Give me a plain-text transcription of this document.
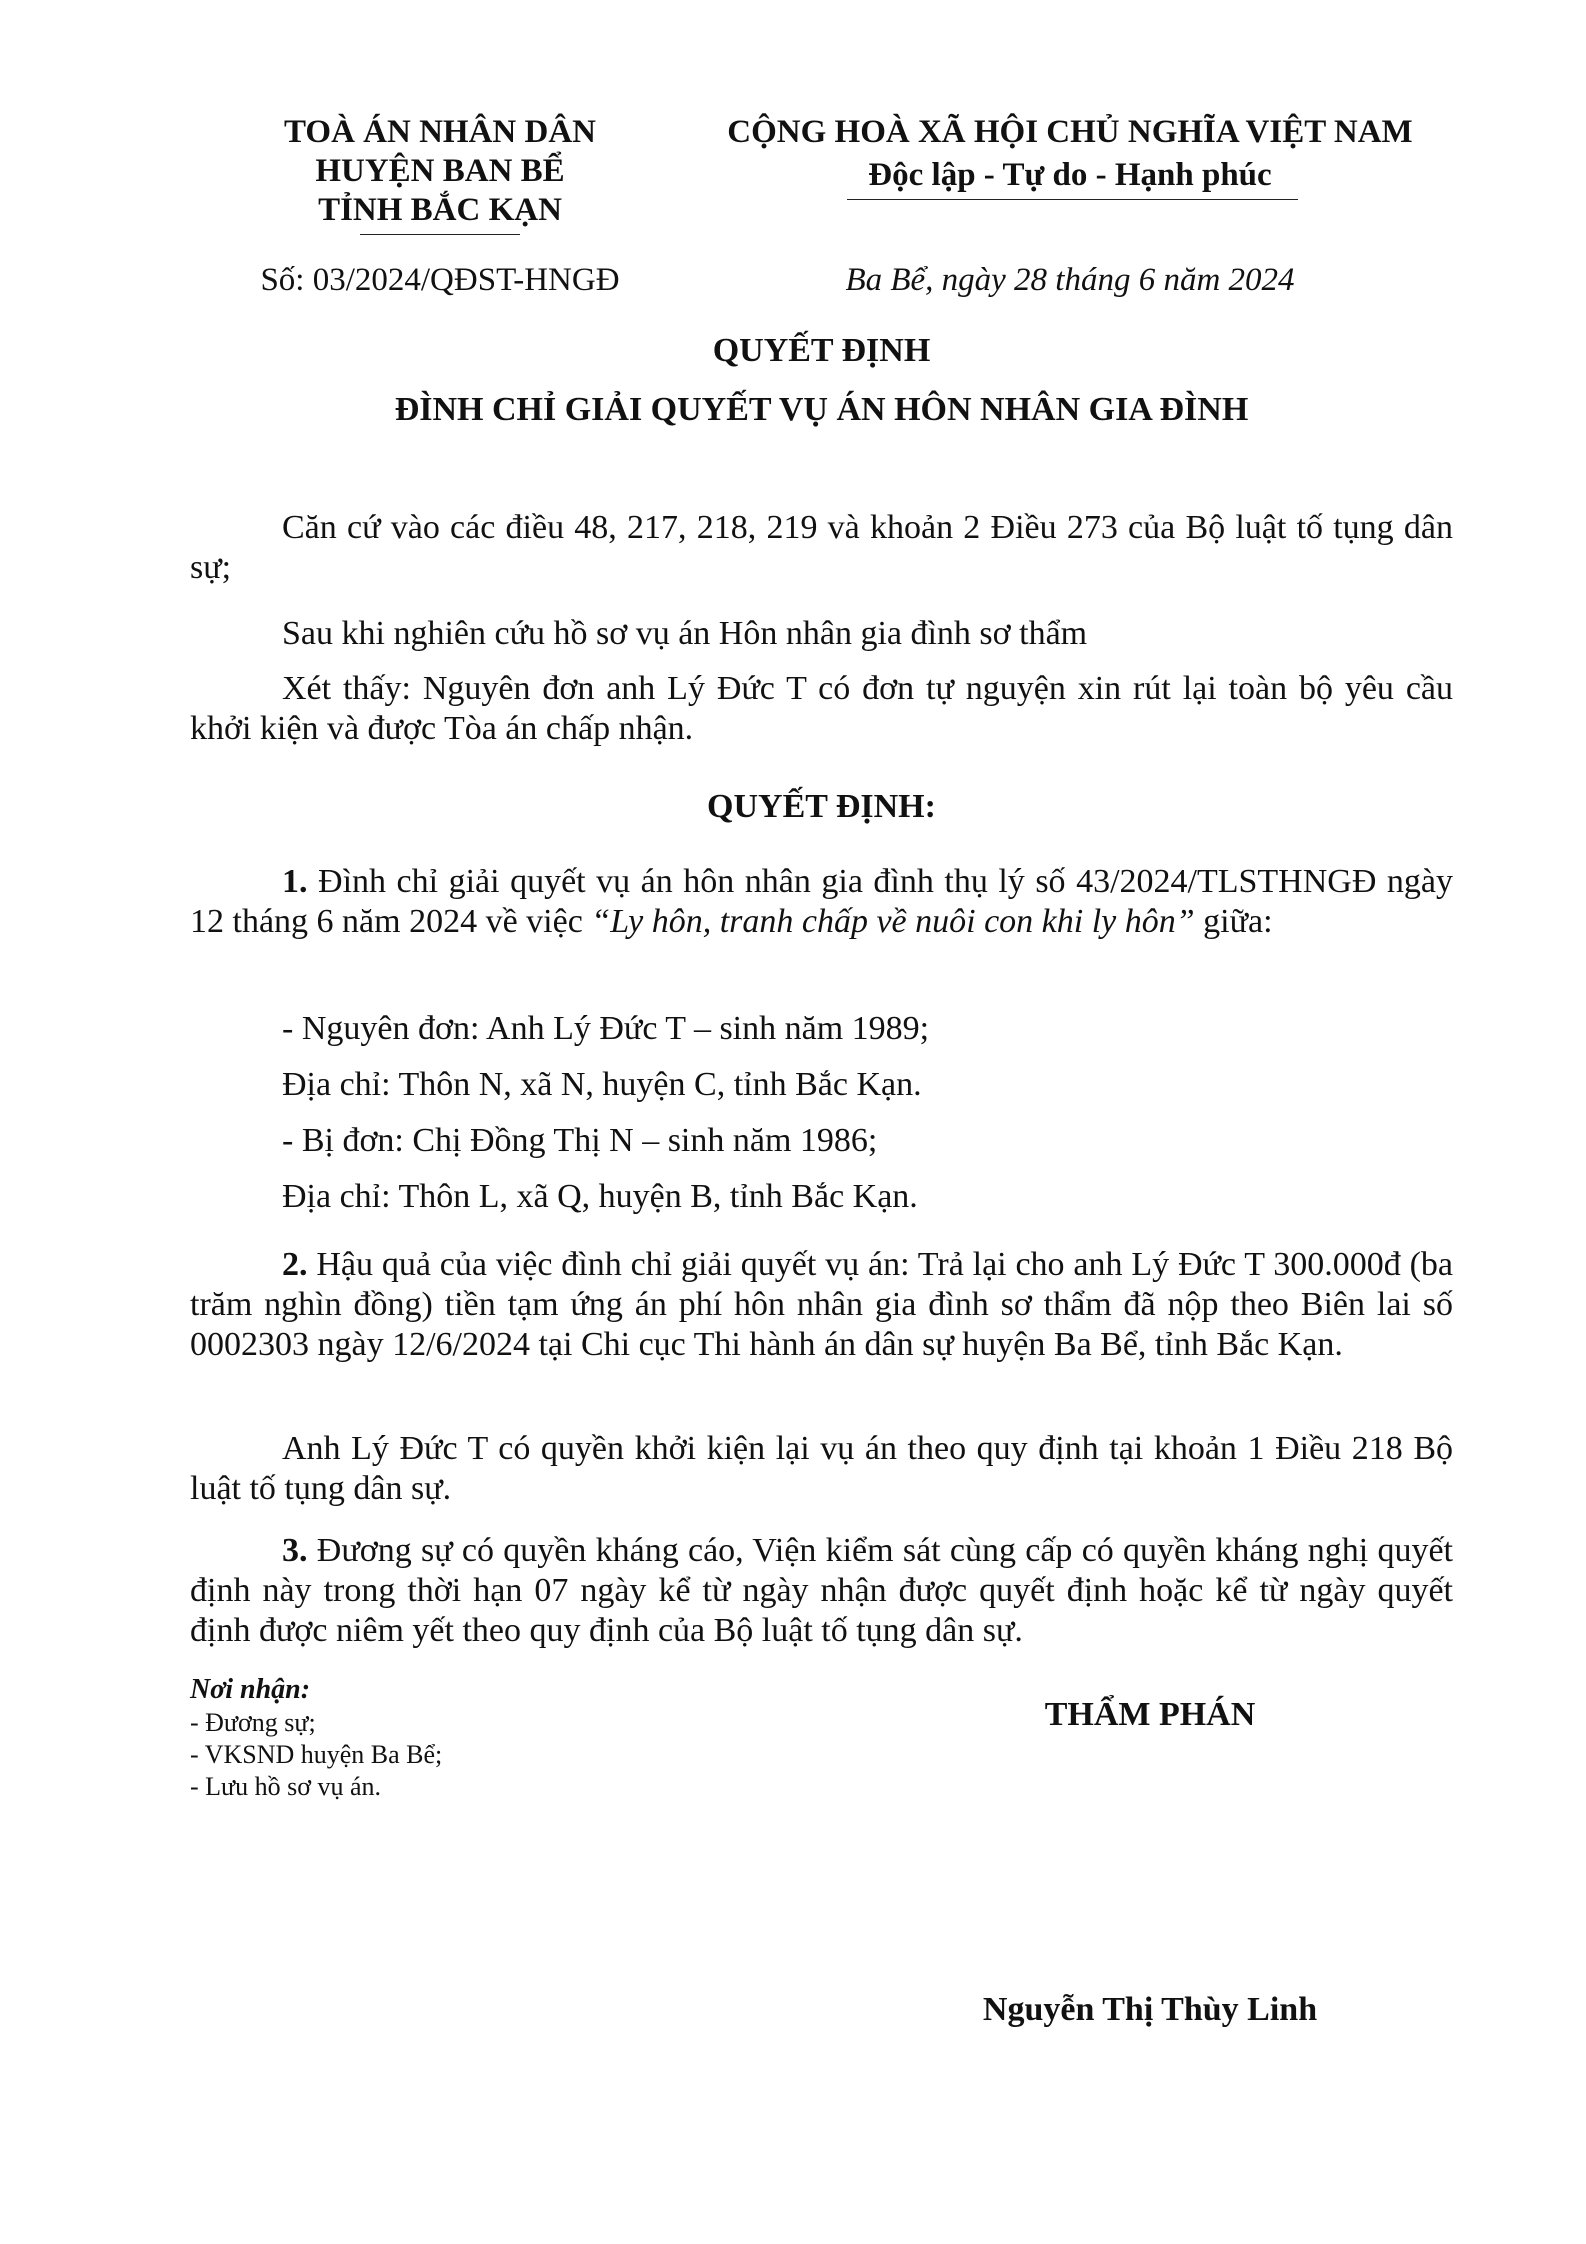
TOÀ ÁN NHÂN DÂN
HUYỆN BAN BỂ
TỈNH BẮC KẠN
Số: 03/2024/QĐST-HNGĐ
CỘNG HOÀ XÃ HỘI CHỦ NGHĨA VIỆT NAM
Độc lập - Tự do - Hạnh phúc
Ba Bể, ngày 28 tháng 6 năm 2024
QUYẾT ĐỊNH
ĐÌNH CHỈ GIẢI QUYẾT VỤ ÁN HÔN NHÂN GIA ĐÌNH

Căn cứ vào các điều 48, 217, 218, 219 và khoản 2 Điều 273 của Bộ luật tố tụng dân sự;

Sau khi nghiên cứu hồ sơ vụ án Hôn nhân gia đình sơ thẩm

Xét thấy: Nguyên đơn anh Lý Đức T có đơn tự nguyện xin rút lại toàn bộ yêu cầu khởi kiện và được Tòa án chấp nhận.

QUYẾT ĐỊNH:

1. Đình chỉ giải quyết vụ án hôn nhân gia đình thụ lý số 43/2024/TLSTHNGĐ ngày 12 tháng 6 năm 2024 về việc “Ly hôn, tranh chấp về nuôi con khi ly hôn” giữa:

- Nguyên đơn: Anh Lý Đức T – sinh năm 1989;

Địa chỉ: Thôn N, xã N, huyện C, tỉnh Bắc Kạn.

- Bị đơn: Chị Đồng Thị N – sinh năm 1986;

Địa chỉ: Thôn L, xã Q, huyện B, tỉnh Bắc Kạn.

2. Hậu quả của việc đình chỉ giải quyết vụ án: Trả lại cho anh Lý Đức T 300.000đ (ba trăm nghìn đồng) tiền tạm ứng án phí hôn nhân gia đình sơ thẩm đã nộp theo Biên lai số 0002303 ngày 12/6/2024 tại Chi cục Thi hành án dân sự huyện Ba Bể, tỉnh Bắc Kạn.

Anh Lý Đức T có quyền khởi kiện lại vụ án theo quy định tại khoản 1 Điều 218 Bộ luật tố tụng dân sự.

3. Đương sự có quyền kháng cáo, Viện kiểm sát cùng cấp có quyền kháng nghị quyết định này trong thời hạn 07 ngày kể từ ngày nhận được quyết định hoặc kể từ ngày quyết định được niêm yết theo quy định của Bộ luật tố tụng dân sự.

Nơi nhận:
- Đương sự;
- VKSND huyện Ba Bể;
- Lưu hồ sơ vụ án.
THẨM PHÁN
Nguyễn Thị Thùy Linh
